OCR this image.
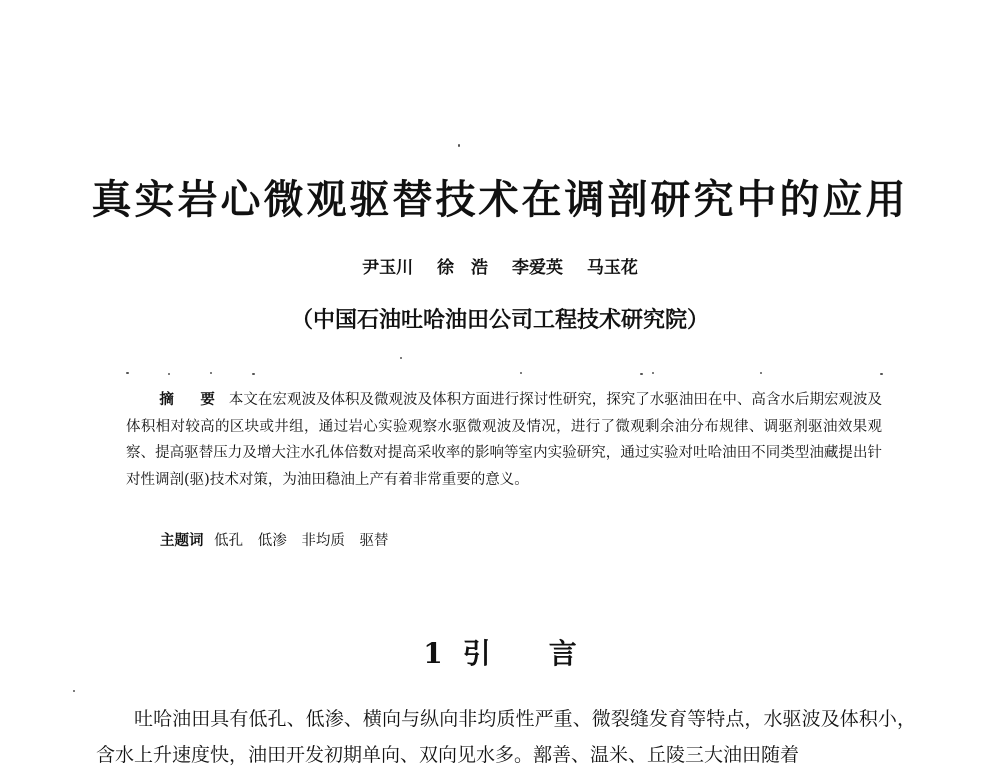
真实岩心微观驱替技术在调剖研究中的应用
尹玉川 徐　浩 李爱英 马玉花
（中国石油吐哈油田公司工程技术研究院）
摘　要 本文在宏观波及体积及微观波及体积方面进行探讨性研究，探究了水驱油田在中、高含水后期宏观波及体积相对较高的区块或井组，通过岩心实验观察水驱微观波及情况，进行了微观剩余油分布规律、调驱剂驱油效果观察、提高驱替压力及增大注水孔体倍数对提高采收率的影响等室内实验研究，通过实验对吐哈油田不同类型油藏提出针对性调剖(驱)技术对策，为油田稳油上产有着非常重要的意义。
主题词 低孔 低渗 非均质 驱替
1 引 言
吐哈油田具有低孔、低渗、横向与纵向非均质性严重、微裂缝发育等特点，水驱波及体积小，含水上升速度快，油田开发初期单向、双向见水多。鄯善、温米、丘陵三大油田随着
